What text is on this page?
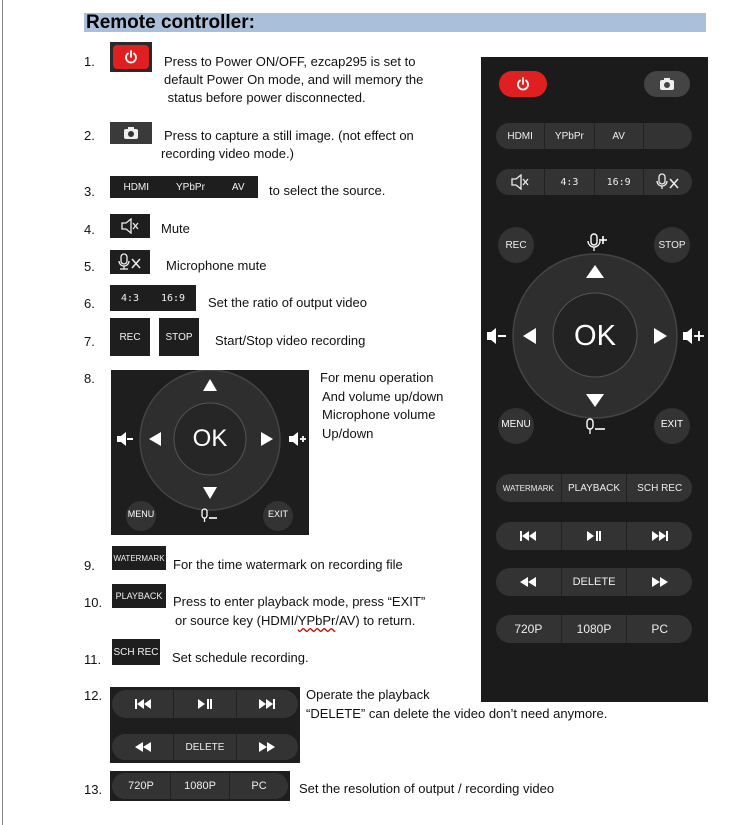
Remote controller:
1.	Press to Power ON/OFF, ezcap295 is set to
default Power On mode, and will memory the
status before power disconnected.
2.	Press to capture a still image. (not effect on
recording video mode.)
3.	HDMI	YPbPr	AV to select the source.
4.	Mute
5.	Microphone mute
6.	4:3 16:9 Set the ratio of output video
7.	REC	STOP	Start/Stop video recording
8.
OK
MENU	EXIT
For menu operation
And volume up/down
Microphone volume
Up/down
9. WATERMARK For the time watermark on recording file
10.	PLAYBACK Press to enter playback mode, press “EXIT”
or source key (HDMI/YPbPr/AV) to return.
11. SCH REC Set schedule recording.
12.
DELETE
Operate the playback
“DELETE” can delete the video don’t need anymore.
13.	720P	1080P	PC	Set the resolution of output / recording video
HDMI	YPbPr	AV
4:3	16:9
REC	STOP
OK
MENU	EXIT
WATERMARK	PLAYBACK	SCH REC
DELETE
720P	1080P	PC
